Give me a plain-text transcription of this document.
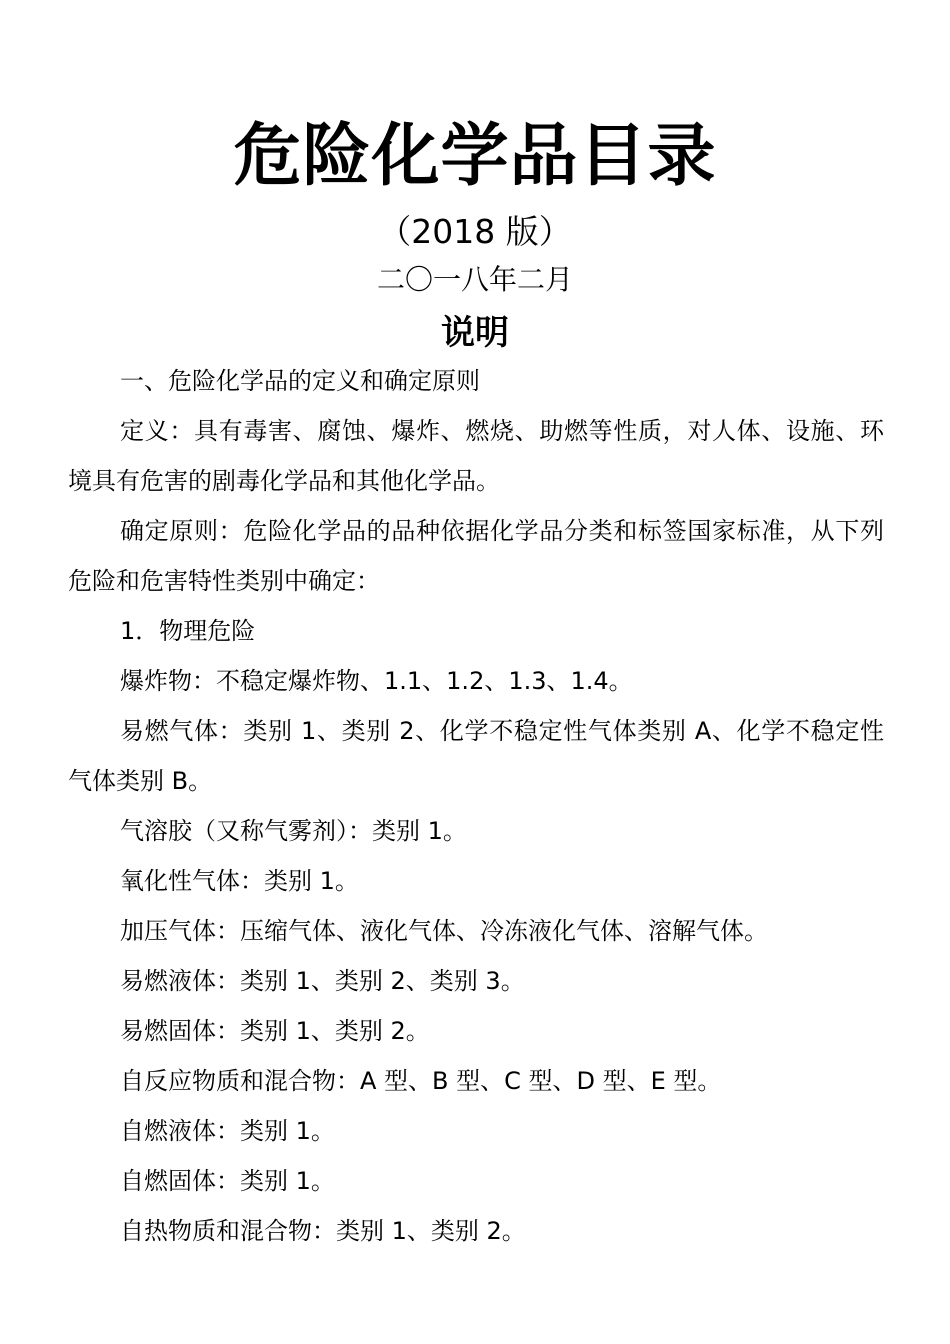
危险化学品目录
（2018 版）
二〇一八年二月
说明

一、危险化学品的定义和确定原则

定义：具有毒害、腐蚀、爆炸、燃烧、助燃等性质，对人体、设施、环境具有危害的剧毒化学品和其他化学品。

确定原则：危险化学品的品种依据化学品分类和标签国家标准，从下列危险和危害特性类别中确定：

1．物理危险

爆炸物：不稳定爆炸物、1.1、1.2、1.3、1.4。

易燃气体：类别 1、类别 2、化学不稳定性气体类别 A、化学不稳定性气体类别 B。

气溶胶（又称气雾剂）：类别 1。

氧化性气体：类别 1。

加压气体：压缩气体、液化气体、冷冻液化气体、溶解气体。

易燃液体：类别 1、类别 2、类别 3。

易燃固体：类别 1、类别 2。

自反应物质和混合物：A 型、B 型、C 型、D 型、E 型。

自燃液体：类别 1。

自燃固体：类别 1。

自热物质和混合物：类别 1、类别 2。
